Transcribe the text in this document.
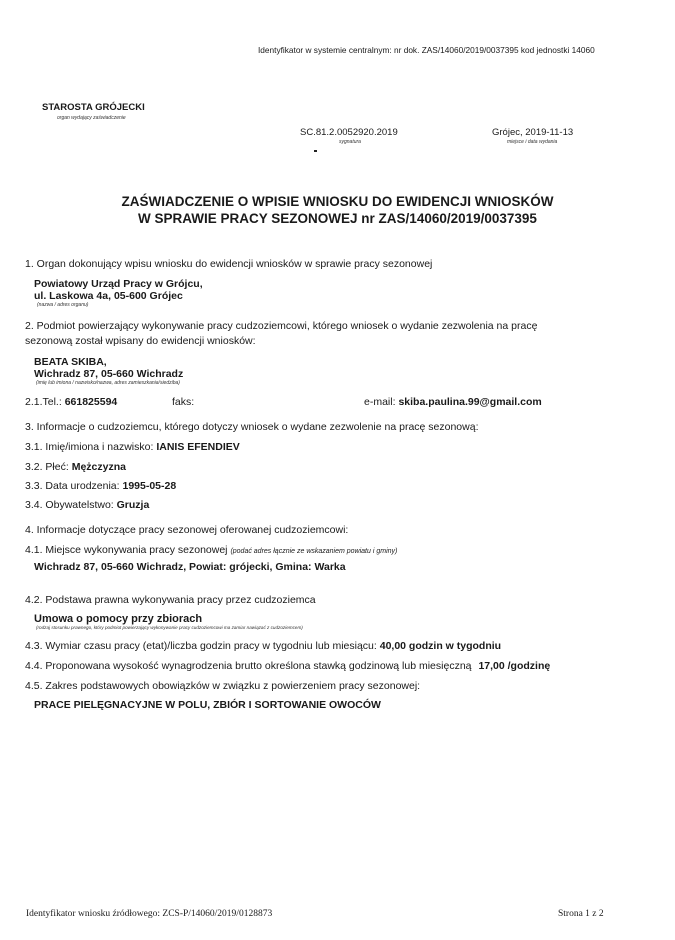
Identyfikator w systemie centralnym: nr dok. ZAS/14060/2019/0037395 kod jednostki 14060
STAROSTA GRÓJECKI
organ wydający zaświadczenie
SC.81.2.0052920.2019
sygnatura
Grójec, 2019-11-13
miejsce i data wydania
ZAŚWIADCZENIE O WPISIE WNIOSKU DO EWIDENCJI WNIOSKÓW
W SPRAWIE PRACY SEZONOWEJ nr ZAS/14060/2019/0037395
1. Organ dokonujący wpisu wniosku do ewidencji wniosków w sprawie pracy sezonowej
Powiatowy Urząd Pracy w Grójcu,
ul. Laskowa 4a, 05-600 Grójec
(nazwa / adres organu)
2. Podmiot powierzający wykonywanie pracy cudzoziemcowi, którego wniosek o wydanie zezwolenia na pracę
sezonową został wpisany do ewidencji wniosków:
BEATA SKIBA,
Wichradz 87, 05-660 Wichradz
(imię lub imiona / nazwisko/nazwa, adres zamieszkania/siedziba)
2.1.Tel.: 661825594	faks:	e-mail: skiba.paulina.99@gmail.com
3. Informacje o cudzoziemcu, którego dotyczy wniosek o wydane zezwolenie na pracę sezonową:
3.1. Imię/imiona i nazwisko: IANIS EFENDIEV
3.2. Płeć: Mężczyzna
3.3. Data urodzenia: 1995-05-28
3.4. Obywatelstwo: Gruzja
4. Informacje dotyczące pracy sezonowej oferowanej cudzoziemcowi:
4.1. Miejsce wykonywania pracy sezonowej (podać adres łącznie ze wskazaniem powiatu i gminy)
Wichradz 87, 05-660 Wichradz, Powiat: grójecki, Gmina: Warka
4.2. Podstawa prawna wykonywania pracy przez cudzoziemca
Umowa o pomocy przy zbiorach
(rodzaj stosunku prawnego, który podmiot powierzający wykonywanie pracy cudzoziemcowi ma zamiar nawiązać z cudzoziemcem)
4.3. Wymiar czasu pracy (etat)/liczba godzin pracy w tygodniu lub miesiącu: 40,00 godzin w tygodniu
4.4. Proponowana wysokość wynagrodzenia brutto określona stawką godzinową lub miesięczną 17,00 /godzinę
4.5. Zakres podstawowych obowiązków w związku z powierzeniem pracy sezonowej:
PRACE PIELĘGNACYJNE W POLU, ZBIÓR I SORTOWANIE OWOCÓW
Identyfikator wniosku źródłowego: ZCS-P/14060/2019/0128873	Strona 1 z 2
